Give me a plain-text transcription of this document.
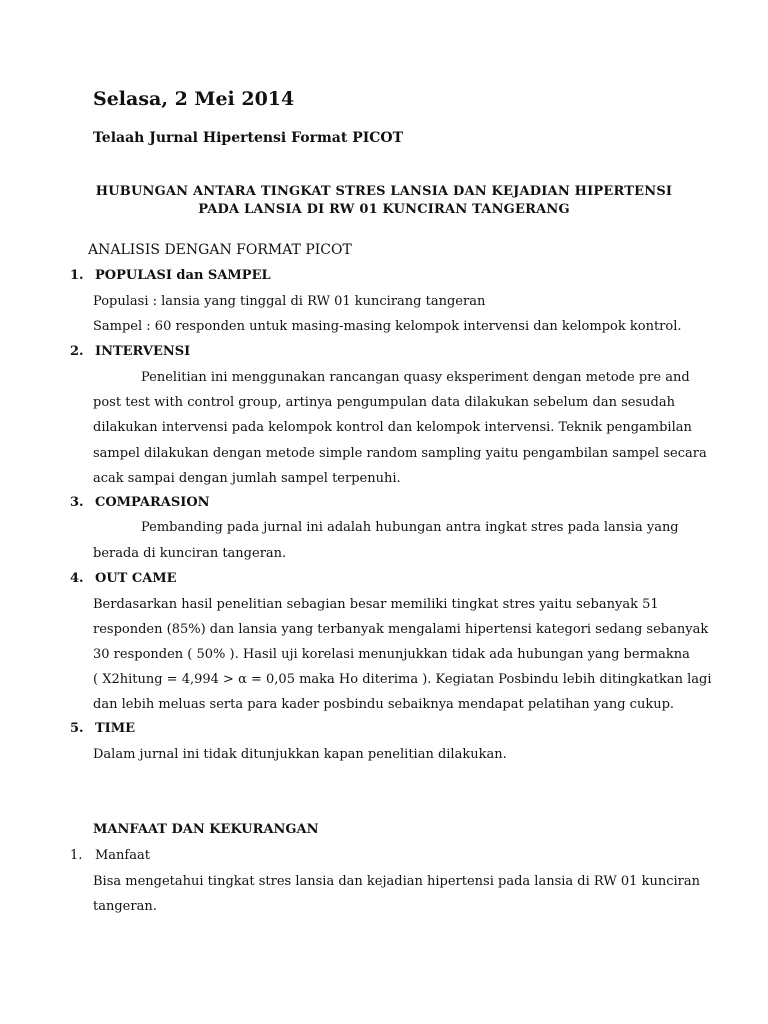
Selasa, 2 Mei 2014
Telaah Jurnal Hipertensi Format PICOT
HUBUNGAN ANTARA TINGKAT STRES LANSIA DAN KEJADIAN HIPERTENSI
PADA LANSIA DI RW 01 KUNCIRAN TANGERANG
ANALISIS DENGAN FORMAT PICOT
1. POPULASI dan SAMPEL
Populasi : lansia yang tinggal di RW 01 kuncirang tangeran
Sampel : 60 responden untuk masing-masing kelompok intervensi dan kelompok kontrol.
2. INTERVENSI
Penelitian ini menggunakan rancangan quasy eksperiment dengan metode pre and
post test with control group, artinya pengumpulan data dilakukan sebelum dan sesudah
dilakukan intervensi pada kelompok kontrol dan kelompok intervensi. Teknik pengambilan
sampel dilakukan dengan metode simple random sampling yaitu pengambilan sampel secara
acak sampai dengan jumlah sampel terpenuhi.
3. COMPARASION
Pembanding pada jurnal ini adalah hubungan antra ingkat stres pada lansia yang
berada di kunciran tangeran.
4. OUT CAME
Berdasarkan hasil penelitian sebagian besar memiliki tingkat stres yaitu sebanyak 51
responden (85%) dan lansia yang terbanyak mengalami hipertensi kategori sedang sebanyak
30 responden ( 50% ). Hasil uji korelasi menunjukkan tidak ada hubungan yang bermakna
( X2hitung = 4,994 > α = 0,05 maka Ho diterima ). Kegiatan Posbindu lebih ditingkatkan lagi
dan lebih meluas serta para kader posbindu sebaiknya mendapat pelatihan yang cukup.
5. TIME
Dalam jurnal ini tidak ditunjukkan kapan penelitian dilakukan.
MANFAAT DAN KEKURANGAN
1. Manfaat
Bisa mengetahui tingkat stres lansia dan kejadian hipertensi pada lansia di RW 01 kunciran
tangeran.
